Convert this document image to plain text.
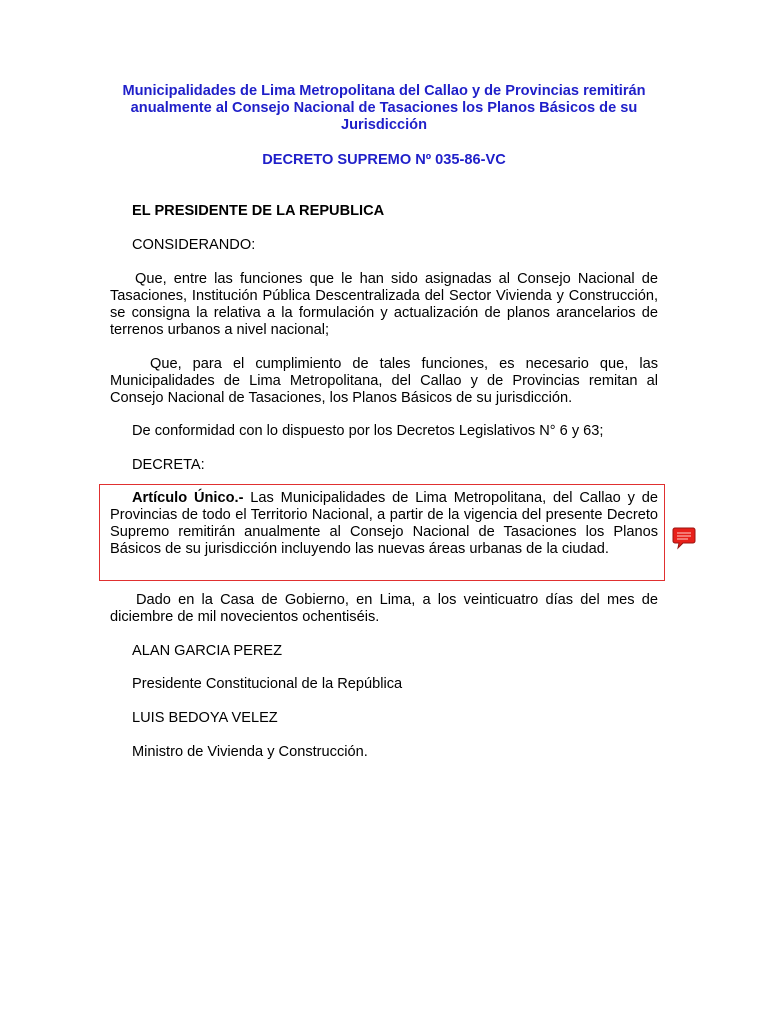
Municipalidades de Lima Metropolitana del Callao y de Provincias remitirán anualmente al Consejo Nacional de Tasaciones los Planos Básicos de su Jurisdicción
DECRETO SUPREMO Nº 035-86-VC
EL PRESIDENTE DE LA REPUBLICA
CONSIDERANDO:
Que, entre las funciones que le han sido asignadas al Consejo Nacional de Tasaciones, Institución Pública Descentralizada del Sector Vivienda y Construcción, se consigna la relativa a la formulación y actualización de planos arancelarios de terrenos urbanos a nivel nacional;
Que, para el cumplimiento de tales funciones, es necesario que, las Municipalidades de Lima Metropolitana, del Callao y de Provincias remitan al Consejo Nacional de Tasaciones, los Planos Básicos de su jurisdicción.
De conformidad con lo dispuesto por los Decretos Legislativos N° 6 y 63;
DECRETA:
Artículo Único.- Las Municipalidades de Lima Metropolitana, del Callao y de Provincias de todo el Territorio Nacional, a partir de la vigencia del presente Decreto Supremo remitirán anualmente al Consejo Nacional de Tasaciones los Planos Básicos de su jurisdicción incluyendo las nuevas áreas urbanas de la ciudad.
Dado en la Casa de Gobierno, en Lima, a los veinticuatro días del mes de diciembre de mil novecientos ochentiséis.
ALAN GARCIA PEREZ
Presidente Constitucional de la República
LUIS BEDOYA VELEZ
Ministro de Vivienda y Construcción.
